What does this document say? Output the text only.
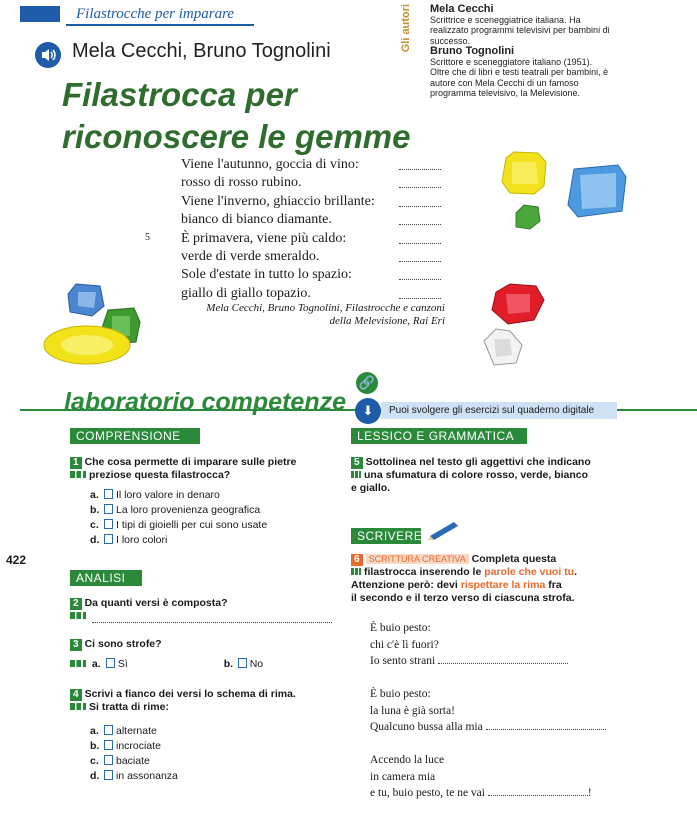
Filastrocche per imparare
Mela Cecchi, Bruno Tognolini
Filastrocca per
riconoscere le gemme
Gli autori Mela Cecchi
Scrittrice e sceneggiatrice italiana. Ha realizzato programmi televisivi per bambini di successo.
Bruno Tognolini
Scrittore e sceneggiatore italiano (1951). Oltre che di libri e testi teatrali per bambini, è autore con Mela Cecchi di un famoso programma televisivo, la Melevisione.
Viene l'autunno, goccia di vino:
rosso di rosso rubino.
Viene l'inverno, ghiaccio brillante:
bianco di bianco diamante.
È primavera, viene più caldo:
verde di verde smeraldo.
Sole d'estate in tutto lo spazio:
giallo di giallo topazio.
5
Mela Cecchi, Bruno Tognolini, Filastrocche e canzoni
della Melevisione, Rai Eri
laboratorio competenze
🔗
⬇	Puoi svolgere gli esercizi sul quaderno digitale
COMPRENSIONE
1 Che cosa permette di imparare sulle pietre
preziose questa filastrocca?
a. Il loro valore in denaro
b. La loro provenienza geografica
c. I tipi di gioielli per cui sono usate
d. I loro colori
422
ANALISI
2 Da quanti versi è composta?
3 Ci sono strofe?
a. Sì	b. No
4 Scrivi a fianco dei versi lo schema di rima.
Si tratta di rime:
a. alternate
b. incrociate
c. baciate
d. in assonanza
LESSICO E GRAMMATICA
5 Sottolinea nel testo gli aggettivi che indicano
una sfumatura di colore rosso, verde, bianco
e giallo.
SCRIVERE
6 SCRITTURA CREATIVA Completa questa
filastrocca inserendo le parole che vuoi tu.
Attenzione però: devi rispettare la rima fra
il secondo e il terzo verso di ciascuna strofa.
È buio pesto:
chi c'è lì fuori?
Io sento strani
È buio pesto:
la luna è già sorta!
Qualcuno bussa alla mia
Accendo la luce
in camera mia
e tu, buio pesto, te ne vai	!
